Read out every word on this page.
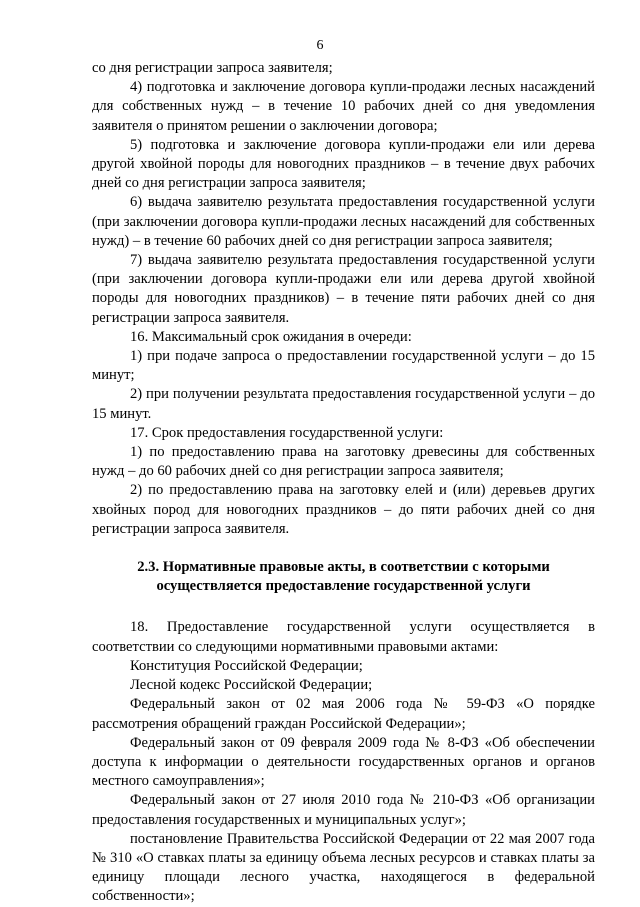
6

со дня регистрации запроса заявителя;

4) подготовка и заключение договора купли-продажи лесных насаждений для собственных нужд – в течение 10 рабочих дней со дня уведомления заявителя о принятом решении о заключении договора;

5) подготовка и заключение договора купли-продажи ели или дерева другой хвойной породы для новогодних праздников – в течение двух рабочих дней со дня регистрации запроса заявителя;

6) выдача заявителю результата предоставления государственной услуги (при заключении договора купли-продажи лесных насаждений для собственных нужд) – в течение 60 рабочих дней со дня регистрации запроса заявителя;

7) выдача заявителю результата предоставления государственной услуги (при заключении договора купли-продажи ели или дерева другой хвойной породы для новогодних праздников) – в течение пяти рабочих дней со дня регистрации запроса заявителя.

16. Максимальный срок ожидания в очереди:

1) при подаче запроса о предоставлении государственной услуги – до 15 минут;

2) при получении результата предоставления государственной услуги – до 15 минут.

17. Срок предоставления государственной услуги:

1) по предоставлению права на заготовку древесины для собственных нужд – до 60 рабочих дней со дня регистрации запроса заявителя;

2) по предоставлению права на заготовку елей и (или) деревьев других хвойных пород для новогодних праздников – до пяти рабочих дней со дня регистрации запроса заявителя.

2.3. Нормативные правовые акты, в соответствии с которыми
осуществляется предоставление государственной услуги

18. Предоставление государственной услуги осуществляется в соответствии со следующими нормативными правовыми актами:

Конституция Российской Федерации;

Лесной кодекс Российской Федерации;

Федеральный закон от 02 мая 2006 года № 59-ФЗ «О порядке рассмотрения обращений граждан Российской Федерации»;

Федеральный закон от 09 февраля 2009 года № 8-ФЗ «Об обеспечении доступа к информации о деятельности государственных органов и органов местного самоуправления»;

Федеральный закон от 27 июля 2010 года № 210-ФЗ «Об организации предоставления государственных и муниципальных услуг»;

постановление Правительства Российской Федерации от 22 мая 2007 года № 310 «О ставках платы за единицу объема лесных ресурсов и ставках платы за единицу площади лесного участка, находящегося в федеральной собственности»;
